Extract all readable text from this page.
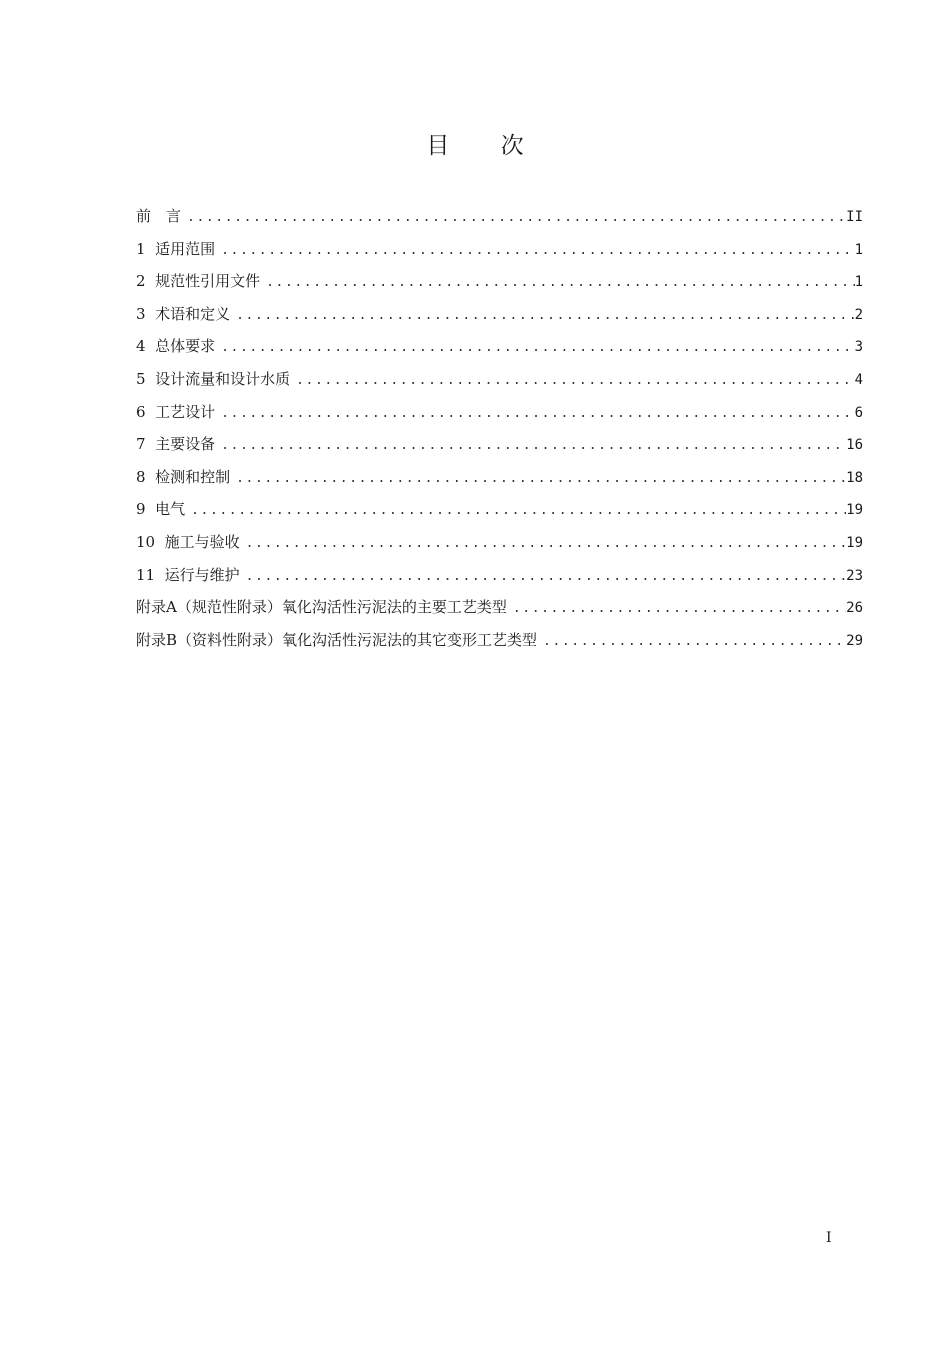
目 次
前　言 .....	II
1  适用范围 .....	1
2  规范性引用文件 .....	1
3  术语和定义 .....	2
4  总体要求 .....	3
5  设计流量和设计水质 .....	4
6  工艺设计 .....	6
7  主要设备 .....	16
8  检测和控制 .....	18
9  电气 .....	19
10  施工与验收 .....	19
11  运行与维护 .....	23
附录A（规范性附录）氧化沟活性污泥法的主要工艺类型 .....	26
附录B（资料性附录）氧化沟活性污泥法的其它变形工艺类型 .....	29
I
